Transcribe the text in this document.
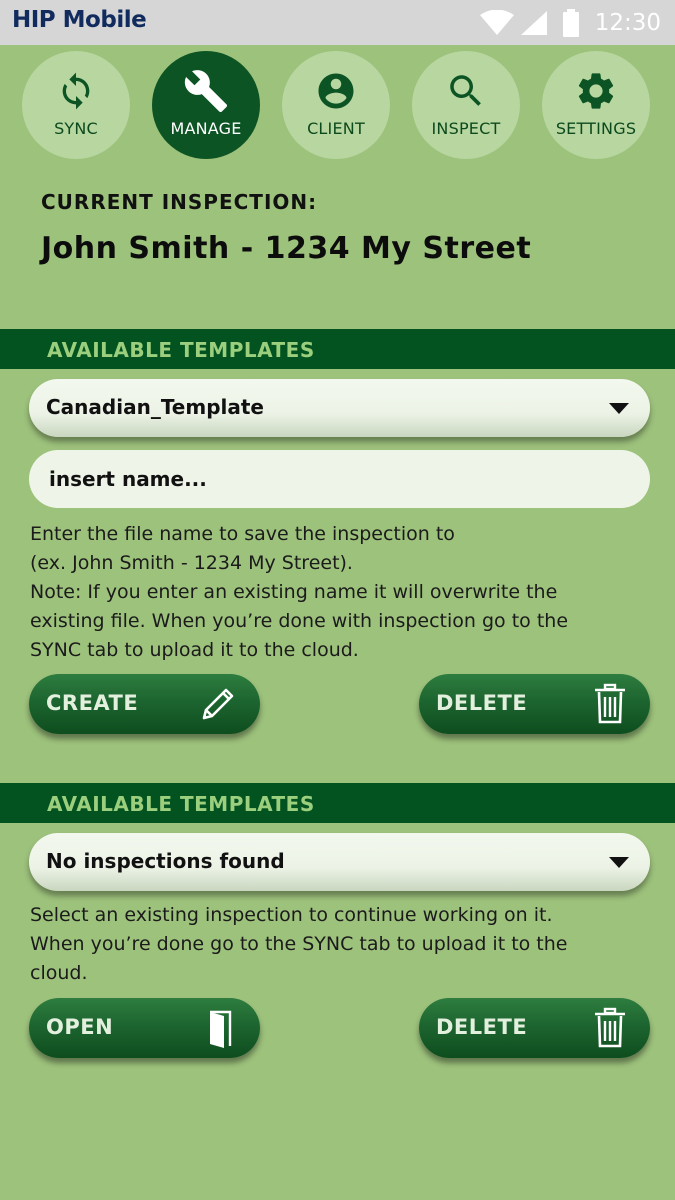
HIP Mobile	12:30
SYNC	MANAGE	CLIENT	INSPECT	SETTINGS
CURRENT INSPECTION:
John Smith - 1234 My Street
AVAILABLE TEMPLATES
Canadian_Template
insert name...

Enter the file name to save the inspection to

(ex. John Smith - 1234 My Street).

Note: If you enter an existing name it will overwrite the

existing file. When you’re done with inspection go to the

SYNC tab to upload it to the cloud.

CREATE	DELETE
AVAILABLE TEMPLATES
No inspections found

Select an existing inspection to continue working on it.

When you’re done go to the SYNC tab to upload it to the

cloud.

OPEN	DELETE
